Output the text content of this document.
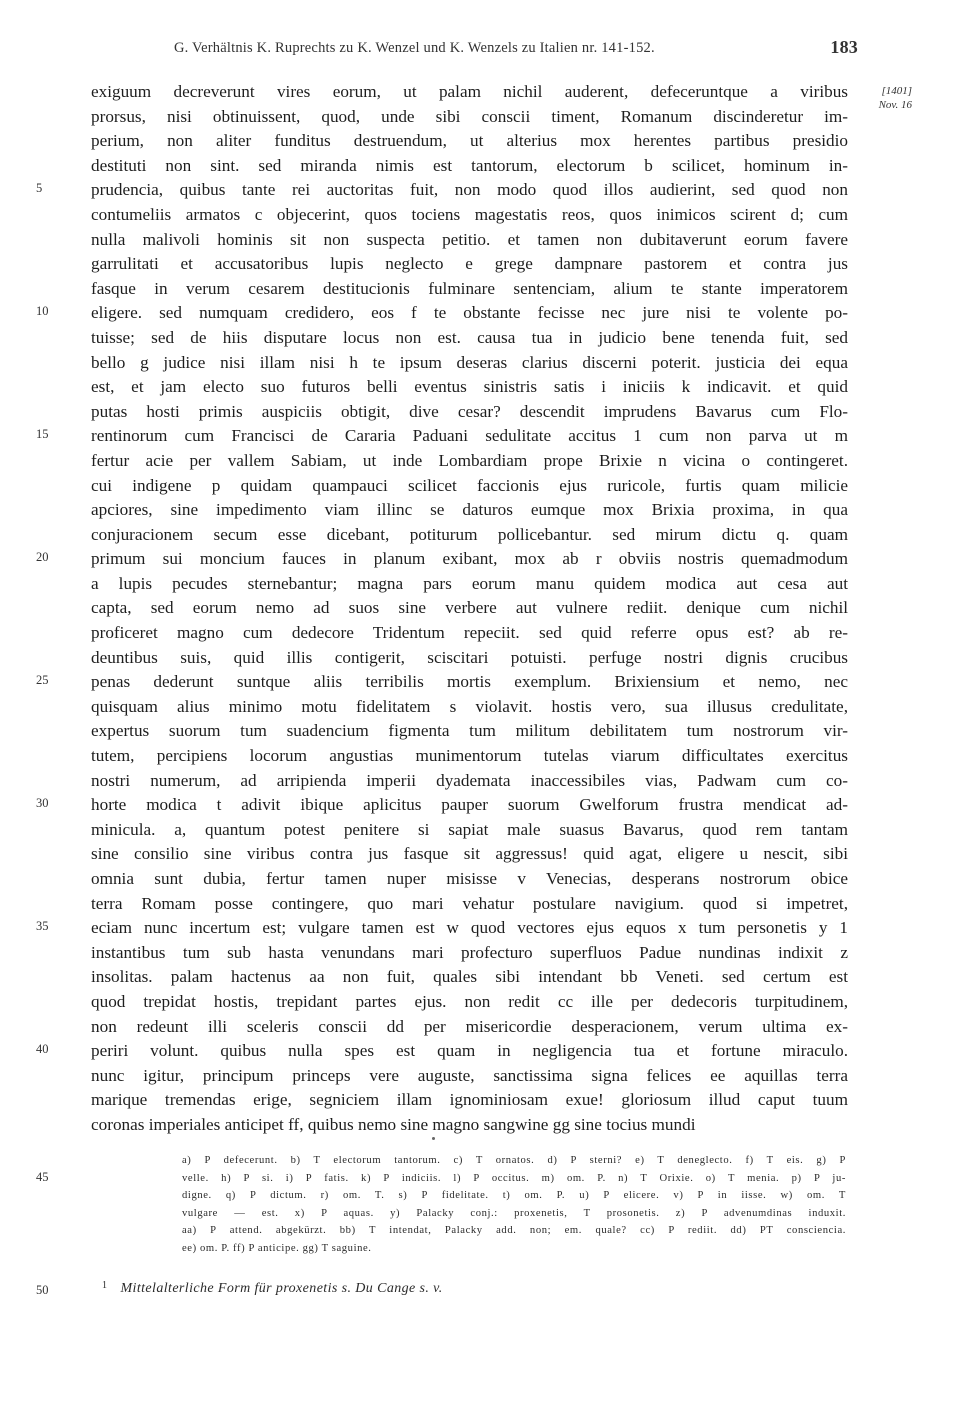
G. Verhältnis K. Ruprechts zu K. Wenzel und K. Wenzels zu Italien nr. 141-152.	183
[1401]
Nov. 16
exiguum decreverunt vires eorum, ut palam nichil auderent, defeceruntque a viribus
prorsus, nisi obtinuissent, quod, unde sibi conscii timent, Romanum discinderetur im-
perium, non aliter funditus destruendum, ut alterius mox herentes partibus presidio
destituti non sint. sed miranda nimis est tantorum, electorum b scilicet, hominum in-
5	prudencia, quibus tante rei auctoritas fuit, non modo quod illos audierint, sed quod non
contumeliis armatos c objecerint, quos tociens magestatis reos, quos inimicos scirent d; cum
nulla malivoli hominis sit non suspecta petitio. et tamen non dubitaverunt eorum favere
garrulitati et accusatoribus lupis neglecto e grege dampnare pastorem et contra jus
fasque in verum cesarem destitucionis fulminare sentenciam, alium te stante imperatorem
10	eligere. sed numquam credidero, eos f te obstante fecisse nec jure nisi te volente po-
tuisse; sed de hiis disputare locus non est. causa tua in judicio bene tenenda fuit, sed
bello g judice nisi illam nisi h te ipsum deseras clarius discerni poterit. justicia dei equa
est, et jam electo suo futuros belli eventus sinistris satis i iniciis k indicavit. et quid
putas hosti primis auspiciis obtigit, dive cesar? descendit imprudens Bavarus cum Flo-
15	rentinorum cum Francisci de Cararia Paduani sedulitate accitus 1 cum non parva ut m
fertur acie per vallem Sabiam, ut inde Lombardiam prope Brixie n vicina o contingeret.
cui indigene p quidam quampauci scilicet faccionis ejus ruricole, furtis quam milicie
apciores, sine impedimento viam illinc se daturos eumque mox Brixia proxima, in qua
conjuracionem secum esse dicebant, potiturum pollicebantur. sed mirum dictu q. quam
20	primum sui moncium fauces in planum exibant, mox ab r obviis nostris quemadmodum
a lupis pecudes sternebantur; magna pars eorum manu quidem modica aut cesa aut
capta, sed eorum nemo ad suos sine verbere aut vulnere rediit. denique cum nichil
proficeret magno cum dedecore Tridentum repeciit. sed quid referre opus est? ab re-
deuntibus suis, quid illis contigerit, sciscitari potuisti. perfuge nostri dignis crucibus
25	penas dederunt suntque aliis terribilis mortis exemplum. Brixiensium et nemo, nec
quisquam alius minimo motu fidelitatem s violavit. hostis vero, sua illusus credulitate,
expertus suorum tum suadencium figmenta tum militum debilitatem tum nostrorum vir-
tutem, percipiens locorum angustias munimentorum tutelas viarum difficultates exercitus
nostri numerum, ad arripienda imperii dyademata inaccessibiles vias, Padwam cum co-
30	horte modica t adivit ibique aplicitus pauper suorum Gwelforum frustra mendicat ad-
minicula. a, quantum potest penitere si sapiat male suasus Bavarus, quod rem tantam
sine consilio sine viribus contra jus fasque sit aggressus! quid agat, eligere u nescit, sibi
omnia sunt dubia, fertur tamen nuper misisse v Venecias, desperans nostrorum obice
terra Romam posse contingere, quo mari vehatur postulare navigium. quod si impetret,
35	eciam nunc incertum est; vulgare tamen est w quod vectores ejus equos x tum personetis y 1
instantibus tum sub hasta venundans mari profecturo superfluos Padue nundinas indixit z
insolitas. palam hactenus aa non fuit, quales sibi intendant bb Veneti. sed certum est
quod trepidat hostis, trepidant partes ejus. non redit cc ille per dedecoris turpitudinem,
non redeunt illi sceleris conscii dd per misericordie desperacionem, verum ultima ex-
40	periri volunt. quibus nulla spes est quam in negligencia tua et fortune miraculo.
nunc igitur, principum princeps vere auguste, sanctissima signa felices ee aquillas terra
marique tremendas erige, segniciem illam ignominiosam exue! gloriosum illud caput tuum
coronas imperiales anticipet ff, quibus nemo sine magno sangwine gg sine tocius mundi
45
a) P defecerunt. b) T electorum tantorum. c) T ornatos. d) P sterni? e) T deneglecto. f) T eis. g) P
velle. h) P si. i) P fatis. k) P indiciis. l) P occitus. m) om. P. n) T Orixie. o) T menia. p) P ju-
digne. q) P dictum. r) om. T. s) P fidelitate. t) om. P. u) P elicere. v) P in iisse. w) om. T
vulgare — est. x) P aquas. y) Palacky conj.: proxenetis, T prosonetis. z) P advenumdinas induxit.
aa) P attend. abgekürzt. bb) T intendat, Palacky add. non; em. quale? cc) P rediit. dd) PT consciencia.
ee) om. P. ff) P anticipe. gg) T saguine.
50	$^1$ Mittelalterliche Form für proxenetis s. Du Cange s. v.
